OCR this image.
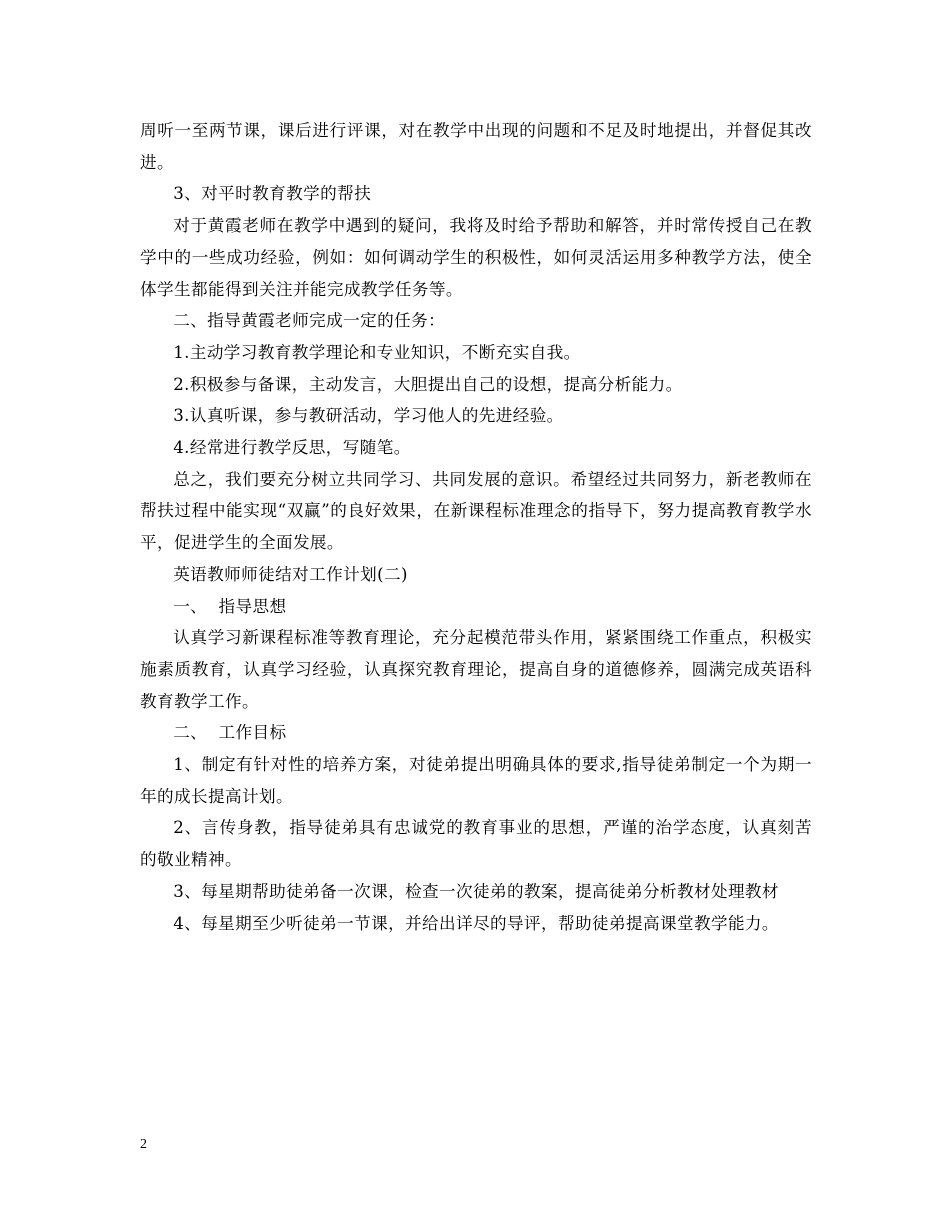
周听一至两节课，课后进行评课，对在教学中出现的问题和不足及时地提出，并督促其改进。

3、对平时教育教学的帮扶

对于黄霞老师在教学中遇到的疑问，我将及时给予帮助和解答，并时常传授自己在教学中的一些成功经验，例如：如何调动学生的积极性，如何灵活运用多种教学方法，使全体学生都能得到关注并能完成教学任务等。

二、指导黄霞老师完成一定的任务：

1.主动学习教育教学理论和专业知识，不断充实自我。

2.积极参与备课，主动发言，大胆提出自己的设想，提高分析能力。

3.认真听课，参与教研活动，学习他人的先进经验。

4.经常进行教学反思，写随笔。

总之，我们要充分树立共同学习、共同发展的意识。希望经过共同努力，新老教师在帮扶过程中能实现“双赢”的良好效果，在新课程标准理念的指导下，努力提高教育教学水平，促进学生的全面发展。

英语教师师徒结对工作计划(二)

一、  指导思想

认真学习新课程标准等教育理论，充分起模范带头作用，紧紧围绕工作重点，积极实施素质教育，认真学习经验，认真探究教育理论，提高自身的道德修养，圆满完成英语科教育教学工作。

二、  工作目标

1、制定有针对性的培养方案，对徒弟提出明确具体的要求,指导徒弟制定一个为期一年的成长提高计划。

2、言传身教，指导徒弟具有忠诚党的教育事业的思想，严谨的治学态度，认真刻苦的敬业精神。

3、每星期帮助徒弟备一次课，检查一次徒弟的教案，提高徒弟分析教材处理教材

4、每星期至少听徒弟一节课，并给出详尽的导评，帮助徒弟提高课堂教学能力。

2
